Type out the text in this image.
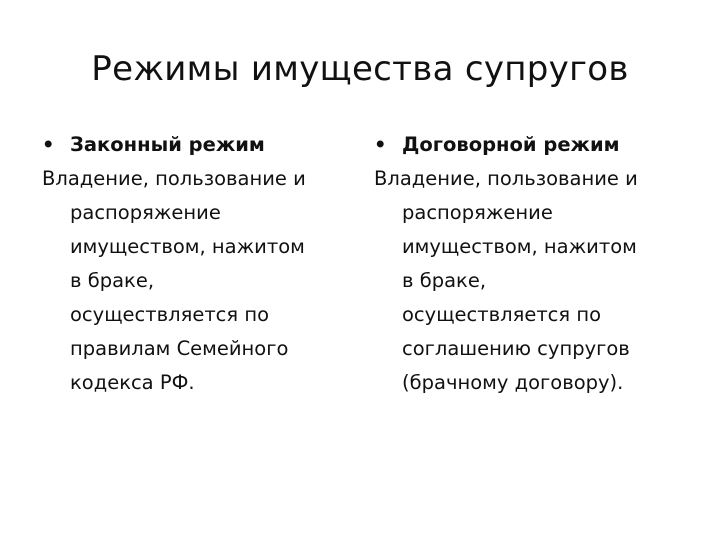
Режимы имущества супругов
• Законный режим
Владение, пользование и
распоряжение
имуществом, нажитом
в браке,
осуществляется по
правилам Семейного
кодекса РФ.
• Договорной режим
Владение, пользование и
распоряжение
имуществом, нажитом
в браке,
осуществляется по
соглашению супругов
(брачному договору).
